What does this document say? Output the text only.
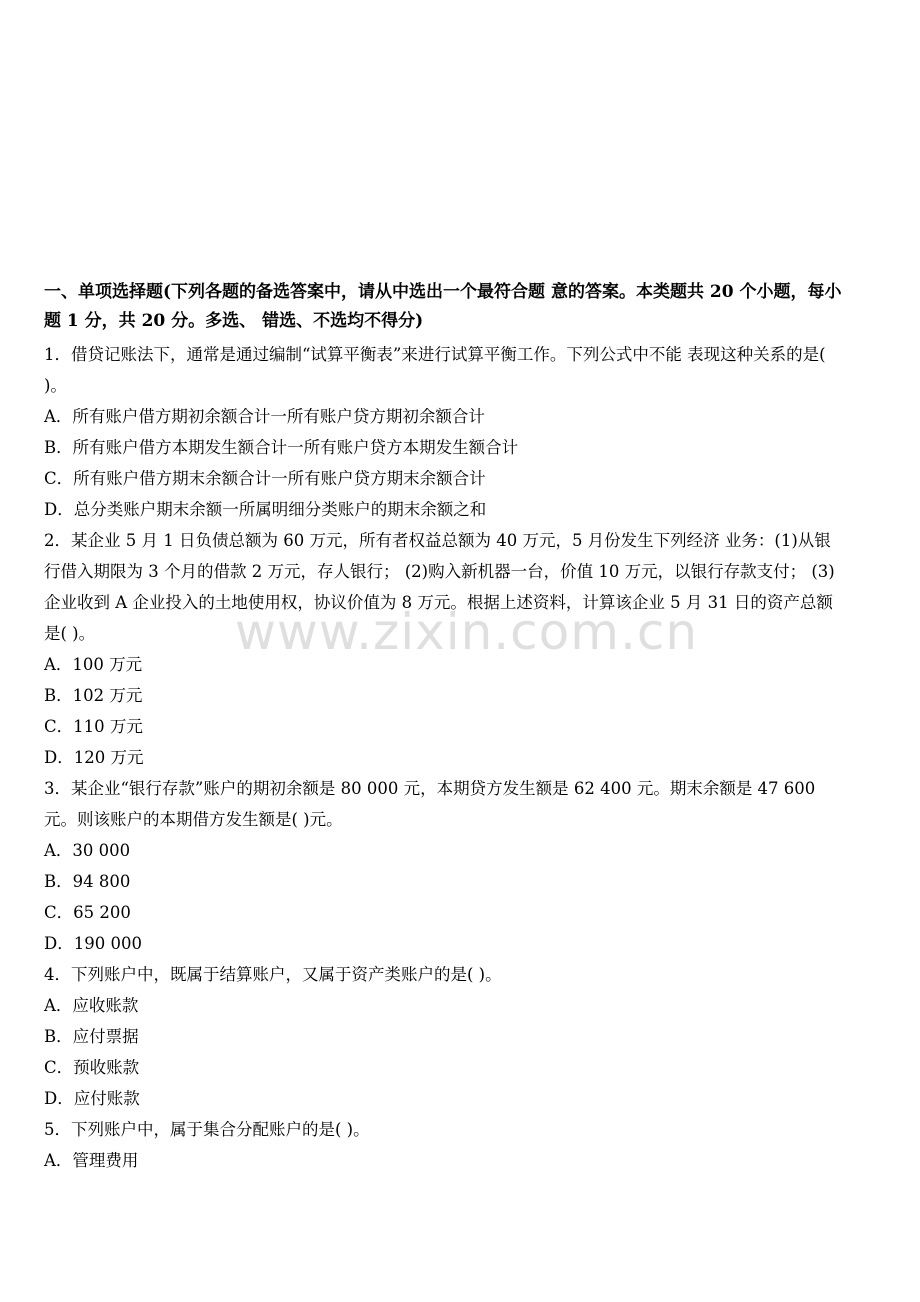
一、单项选择题(下列各题的备选答案中，请从中选出一个最符合题 意的答案。本类题共 20 个小题，每小题 1 分，共 20 分。多选、 错选、不选均不得分)
1．借贷记账法下，通常是通过编制“试算平衡表”来进行试算平衡工作。下列公式中不能 表现这种关系的是( )。
A．所有账户借方期初余额合计一所有账户贷方期初余额合计
B．所有账户借方本期发生额合计一所有账户贷方本期发生额合计
C．所有账户借方期末余额合计一所有账户贷方期末余额合计
D．总分类账户期末余额一所属明细分类账户的期末余额之和
2．某企业 5 月 1 日负债总额为 60 万元，所有者权益总额为 40 万元，5 月份发生下列经济 业务：(1)从银行借入期限为 3 个月的借款 2 万元，存人银行； (2)购入新机器一台，价值 10 万元，以银行存款支付； (3)企业收到 A 企业投入的土地使用权，协议价值为 8 万元。根据上述资料，计算该企业 5 月 31 日的资产总额是( )。
A．100 万元
B．102 万元
C．110 万元
D．120 万元
3．某企业“银行存款”账户的期初余额是 80 000 元，本期贷方发生额是 62 400 元。期末余额是 47 600 元。则该账户的本期借方发生额是( )元。
A．30 000
B．94 800
C．65 200
D．190 000
4．下列账户中，既属于结算账户，又属于资产类账户的是( )。
A．应收账款
B．应付票据
C．预收账款
D．应付账款
5．下列账户中，属于集合分配账户的是( )。
A．管理费用
www.zixin.com.cn
